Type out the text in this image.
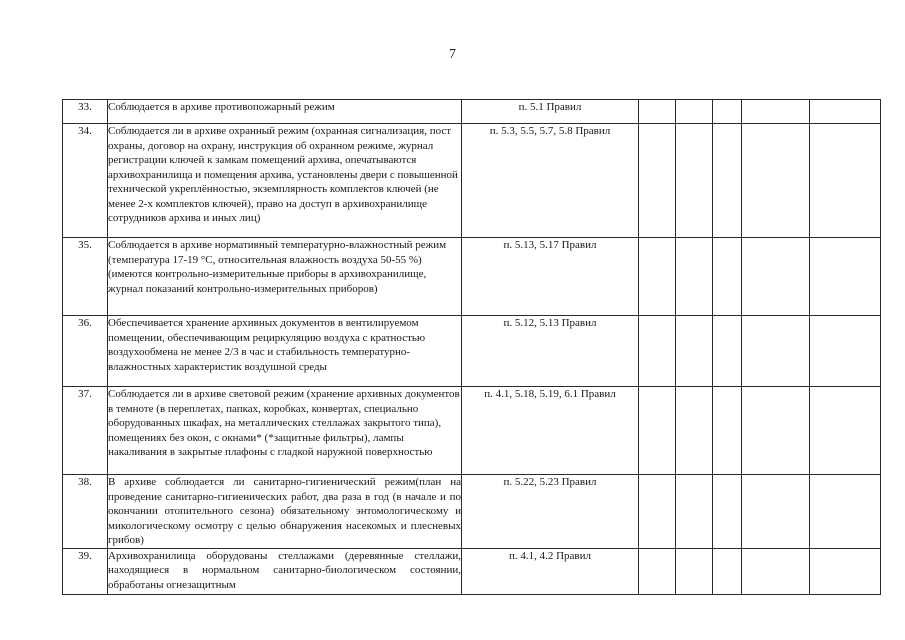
7
33.	Соблюдается в архиве противопожарный режим	п. 5.1 Правил					
34.	Соблюдается ли в архиве охранный режим (охранная сигнализация, пост охраны, договор на охрану, инструкция об охранном режиме, журнал регистрации ключей к замкам помещений архива, опечатываются архивохранилища и помещения архива, установлены двери с повышенной технической укреплённостью, экземплярность комплектов ключей (не менее 2-х комплектов ключей), право на доступ в архивохранилище сотрудников архива и иных лиц)	п. 5.3, 5.5, 5.7, 5.8 Правил					
35.	Соблюдается в архиве нормативный температурно-влажностный режим (температура 17-19 °С, относительная влажность воздуха 50-55 %) (имеются контрольно-измерительные приборы в архивохранилище, журнал показаний контрольно-измерительных приборов)	п. 5.13, 5.17 Правил					
36.	Обеспечивается хранение архивных документов в вентилируемом помещении, обеспечивающим рециркуляцию воздуха с кратностью воздухообмена не менее 2/3 в час и стабильность температурно-влажностных характеристик воздушной среды	п. 5.12, 5.13 Правил					
37.	Соблюдается ли в архиве световой режим (хранение архивных документов в темноте (в переплетах, папках, коробках, конвертах, специально оборудованных шкафах, на металлических стеллажах закрытого типа), помещениях без окон, с окнами* (*защитные фильтры), лампы накаливания в закрытые плафоны с гладкой наружной поверхностью	п. 4.1, 5.18, 5.19, 6.1 Правил					
38.	В архиве соблюдается ли санитарно-гигиенический режим(план на проведение санитарно-гигиенических работ, два раза в год (в начале и по окончании отопительного сезона) обязательному энтомологическому и микологическому осмотру с целью обнаружения насекомых и плесневых грибов)	п. 5.22, 5.23 Правил					
39.	Архивохранилища оборудованы стеллажами (деревянные стеллажи, находящиеся в нормальном санитарно-биологическом состоянии, обработаны огнезащитным	п. 4.1, 4.2 Правил					
